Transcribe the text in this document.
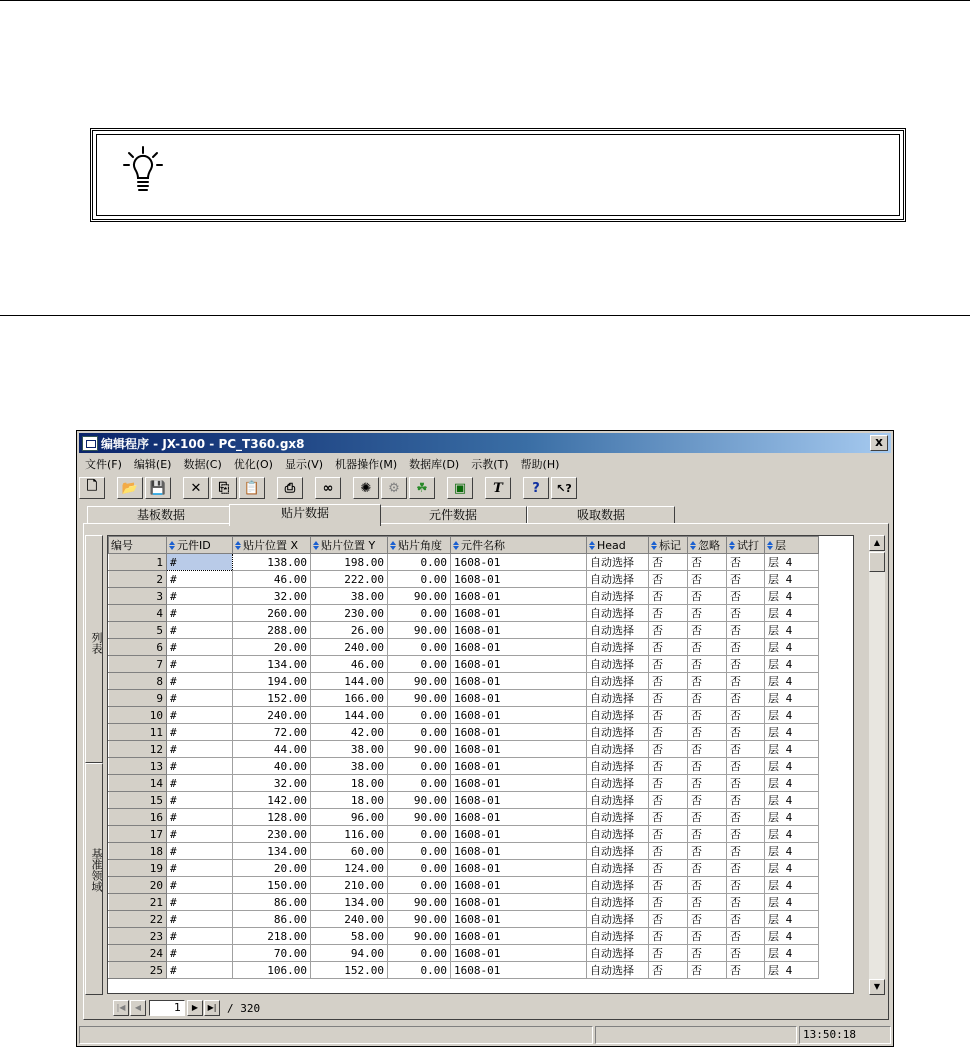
编辑程序 - JX-100 - PC_T360.gx8	x
文件(F)	编辑(E)	数据(C)	优化(O)	显示(V)	机器操作(M)	数据库(D)	示教(T)	帮助(H)
🗋	📂 💾	✕	⎘	📋	⎙	∞	✺	⚙	☘	▣	T	?	↖?
基板数据	贴片数据	元件数据	吸取数据
列表
基准领域
编号	元件ID	贴片位置 X	贴片位置 Y	贴片角度	元件名称	Head	标记	忽略	试打	层
1	#	138.00	198.00	0.00	1608-01	自动选择	否	否	否	层 4
2	#	46.00	222.00	0.00	1608-01	自动选择	否	否	否	层 4
3	#	32.00	38.00	90.00	1608-01	自动选择	否	否	否	层 4
4	#	260.00	230.00	0.00	1608-01	自动选择	否	否	否	层 4
5	#	288.00	26.00	90.00	1608-01	自动选择	否	否	否	层 4
6	#	20.00	240.00	0.00	1608-01	自动选择	否	否	否	层 4
7	#	134.00	46.00	0.00	1608-01	自动选择	否	否	否	层 4
8	#	194.00	144.00	90.00	1608-01	自动选择	否	否	否	层 4
9	#	152.00	166.00	90.00	1608-01	自动选择	否	否	否	层 4
10	#	240.00	144.00	0.00	1608-01	自动选择	否	否	否	层 4
11	#	72.00	42.00	0.00	1608-01	自动选择	否	否	否	层 4
12	#	44.00	38.00	90.00	1608-01	自动选择	否	否	否	层 4
13	#	40.00	38.00	0.00	1608-01	自动选择	否	否	否	层 4
14	#	32.00	18.00	0.00	1608-01	自动选择	否	否	否	层 4
15	#	142.00	18.00	90.00	1608-01	自动选择	否	否	否	层 4
16	#	128.00	96.00	90.00	1608-01	自动选择	否	否	否	层 4
17	#	230.00	116.00	0.00	1608-01	自动选择	否	否	否	层 4
18	#	134.00	60.00	0.00	1608-01	自动选择	否	否	否	层 4
19	#	20.00	124.00	0.00	1608-01	自动选择	否	否	否	层 4
20	#	150.00	210.00	0.00	1608-01	自动选择	否	否	否	层 4
21	#	86.00	134.00	90.00	1608-01	自动选择	否	否	否	层 4
22	#	86.00	240.00	90.00	1608-01	自动选择	否	否	否	层 4
23	#	218.00	58.00	90.00	1608-01	自动选择	否	否	否	层 4
24	#	70.00	94.00	0.00	1608-01	自动选择	否	否	否	层 4
25	#	106.00	152.00	0.00	1608-01	自动选择	否	否	否	层 4
▲
▼
|◀	◀	1	▶	▶| / 320
13:50:18
